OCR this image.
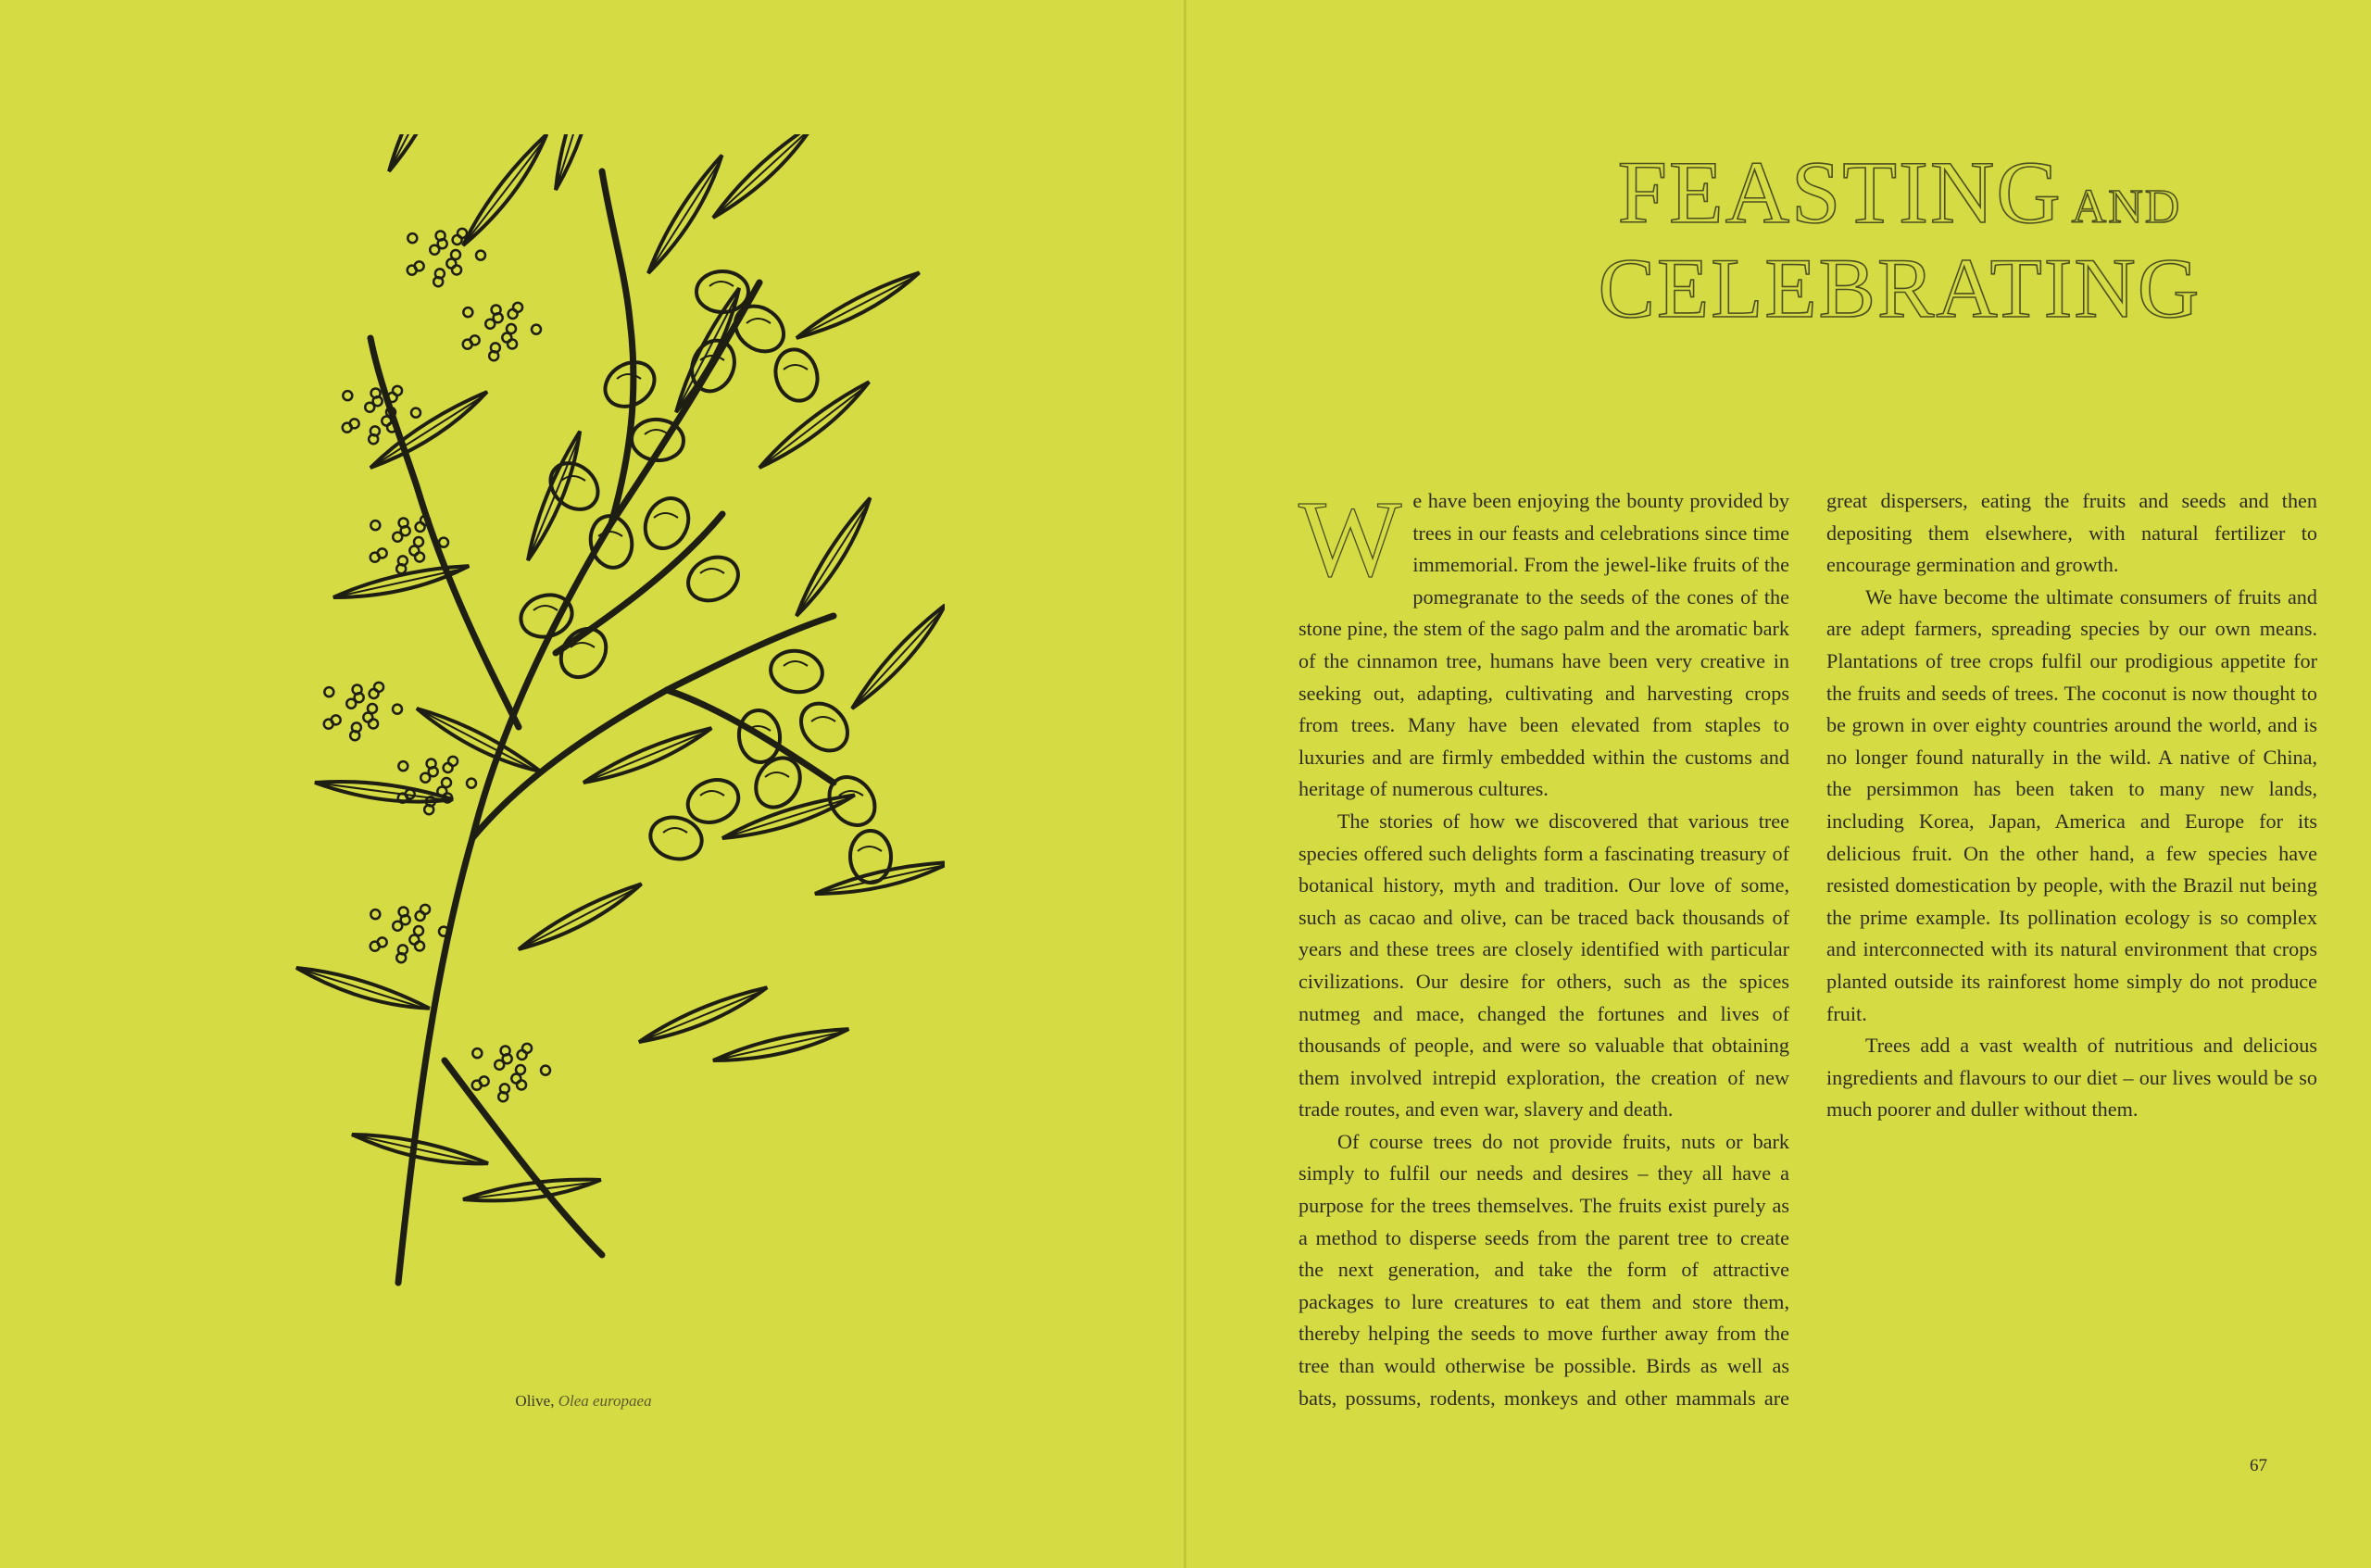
Olive, Olea europaea
FEASTING AND
CELEBRATING

We have been enjoying the bounty provided by trees in our feasts and celebrations since time immemorial. From the jewel-like fruits of the pomegranate to the seeds of the cones of the stone pine, the stem of the sago palm and the aromatic bark of the cinnamon tree, humans have been very creative in seeking out, adapting, cultivating and harvesting crops from trees. Many have been elevated from staples to luxuries and are firmly embedded within the customs and heritage of numerous cultures.

The stories of how we discovered that various tree species offered such delights form a fascinating treasury of botanical history, myth and tradition. Our love of some, such as cacao and olive, can be traced back thousands of years and these trees are closely identified with particular civilizations. Our desire for others, such as the spices nutmeg and mace, changed the fortunes and lives of thousands of people, and were so valuable that obtaining them involved intrepid exploration, the creation of new trade routes, and even war, slavery and death.

Of course trees do not provide fruits, nuts or bark simply to fulfil our needs and desires – they all have a purpose for the trees themselves. The fruits exist purely as a method to disperse seeds from the parent tree to create the next generation, and take the form of attractive packages to lure creatures to eat them and store them, thereby helping the seeds to move further away from the tree than would otherwise be possible. Birds as well as bats, possums, rodents, monkeys and other mammals are great dispersers, eating the fruits and seeds and then depositing them elsewhere, with natural fertilizer to encourage germination and growth.

We have become the ultimate consumers of fruits and are adept farmers, spreading species by our own means. Plantations of tree crops fulfil our prodigious appetite for the fruits and seeds of trees. The coconut is now thought to be grown in over eighty countries around the world, and is no longer found naturally in the wild. A native of China, the persimmon has been taken to many new lands, including Korea, Japan, America and Europe for its delicious fruit. On the other hand, a few species have resisted domestication by people, with the Brazil nut being the prime example. Its pollination ecology is so complex and interconnected with its natural environment that crops planted outside its rainforest home simply do not produce fruit.

Trees add a vast wealth of nutritious and delicious ingredients and flavours to our diet – our lives would be so much poorer and duller without them.

67
